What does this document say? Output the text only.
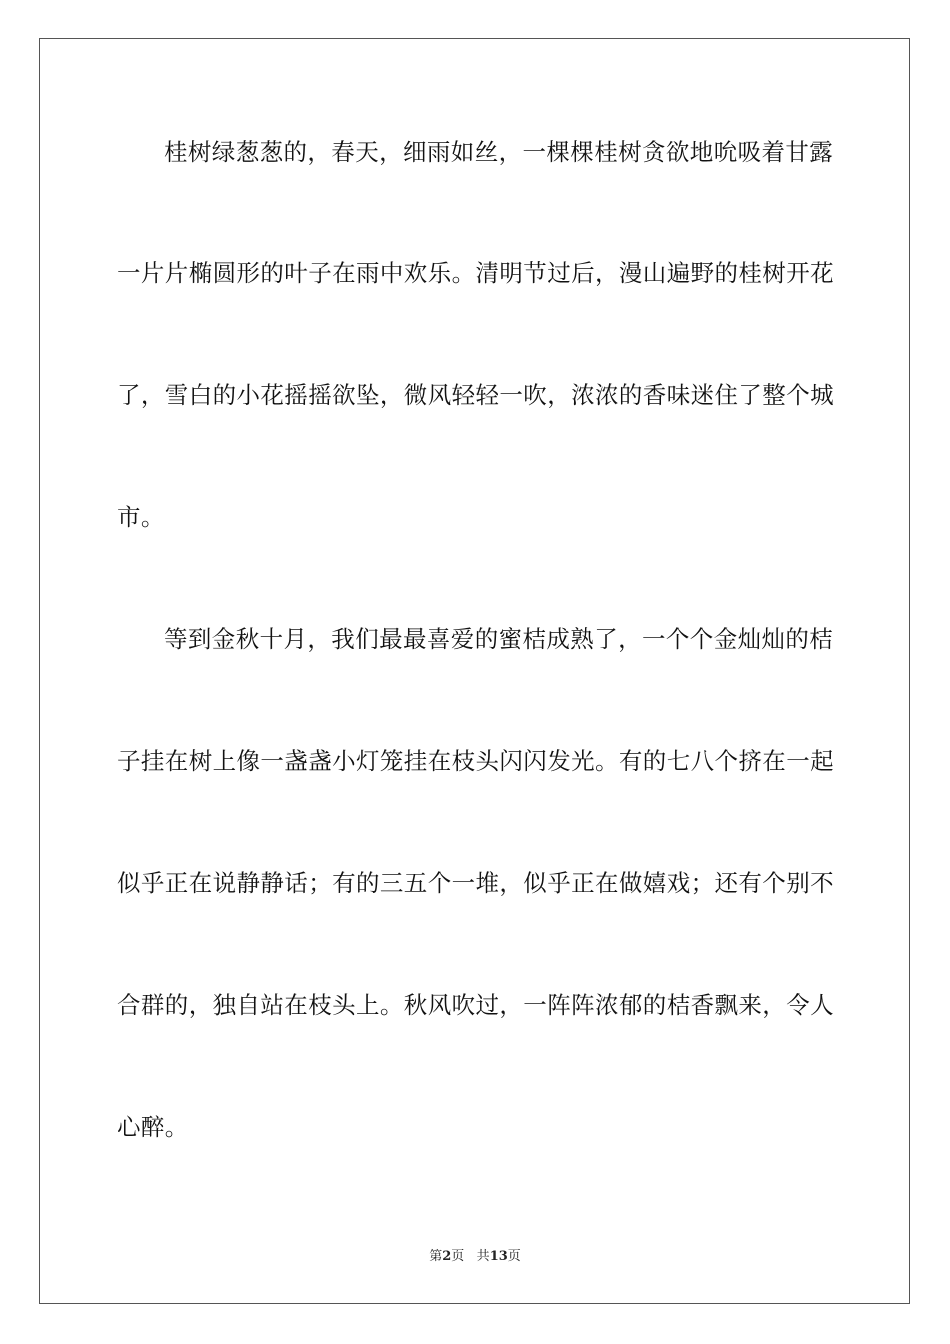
桂树绿葱葱的，春天，细雨如丝，一棵棵桂树贪欲地吮吸着甘露
一片片椭圆形的叶子在雨中欢乐。清明节过后，漫山遍野的桂树开花
了，雪白的小花摇摇欲坠，微风轻轻一吹，浓浓的香味迷住了整个城
市。
等到金秋十月，我们最最喜爱的蜜桔成熟了，一个个金灿灿的桔
子挂在树上像一盏盏小灯笼挂在枝头闪闪发光。有的七八个挤在一起
似乎正在说静静话；有的三五个一堆，似乎正在做嬉戏；还有个别不
合群的，独自站在枝头上。秋风吹过，一阵阵浓郁的桔香飘来，令人
心醉。
第2页 共13页
